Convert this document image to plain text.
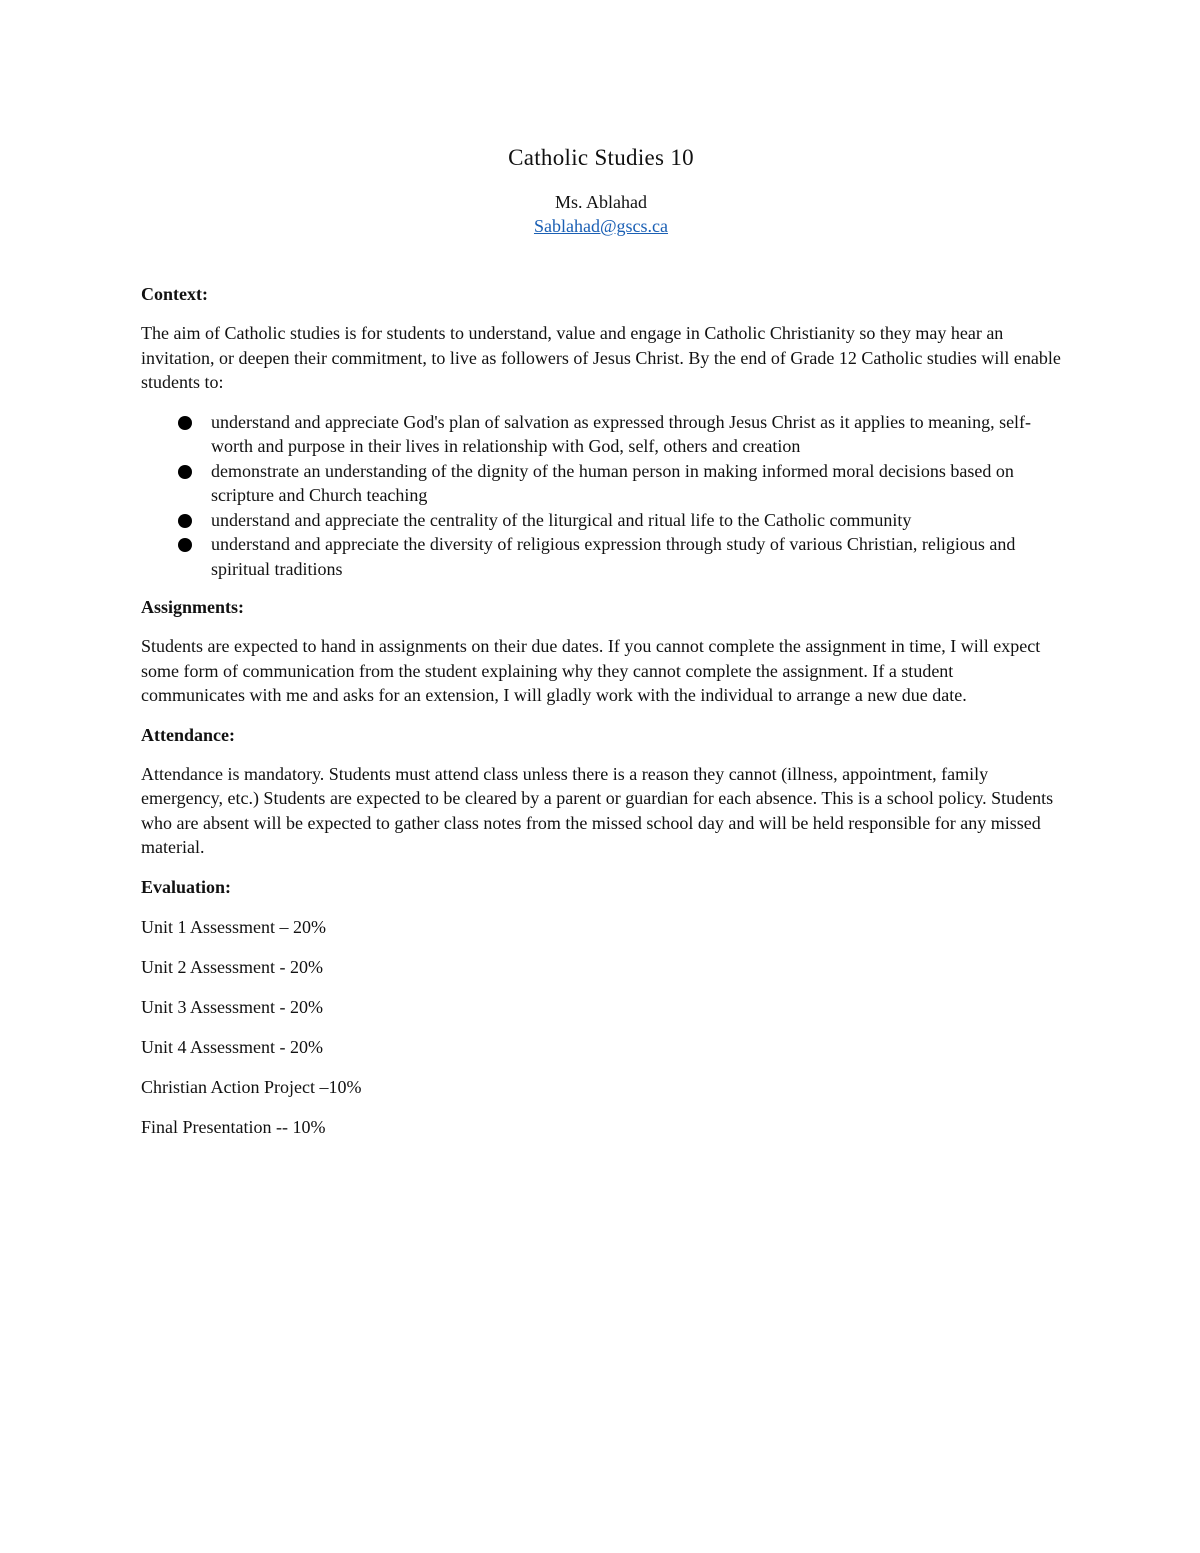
Catholic Studies 10
Ms. Ablahad
Sablahad@gscs.ca
Context:

The aim of Catholic studies is for students to understand, value and engage in Catholic Christianity so they may hear an invitation, or deepen their commitment, to live as followers of Jesus Christ. By the end of Grade 12 Catholic studies will enable students to:

understand and appreciate God's plan of salvation as expressed through Jesus Christ as it applies to meaning, self-worth and purpose in their lives in relationship with God, self, others and creation
demonstrate an understanding of the dignity of the human person in making informed moral decisions based on scripture and Church teaching
understand and appreciate the centrality of the liturgical and ritual life to the Catholic community
understand and appreciate the diversity of religious expression through study of various Christian, religious and spiritual traditions
Assignments:

Students are expected to hand in assignments on their due dates. If you cannot complete the assignment in time, I will expect some form of communication from the student explaining why they cannot complete the assignment. If a student communicates with me and asks for an extension, I will gladly work with the individual to arrange a new due date.

Attendance:

Attendance is mandatory. Students must attend class unless there is a reason they cannot (illness, appointment, family emergency, etc.) Students are expected to be cleared by a parent or guardian for each absence. This is a school policy. Students who are absent will be expected to gather class notes from the missed school day and will be held responsible for any missed material.

Evaluation:
Unit 1 Assessment – 20%
Unit 2 Assessment - 20%
Unit 3 Assessment - 20%
Unit 4 Assessment - 20%
Christian Action Project –10%
Final Presentation -- 10%
